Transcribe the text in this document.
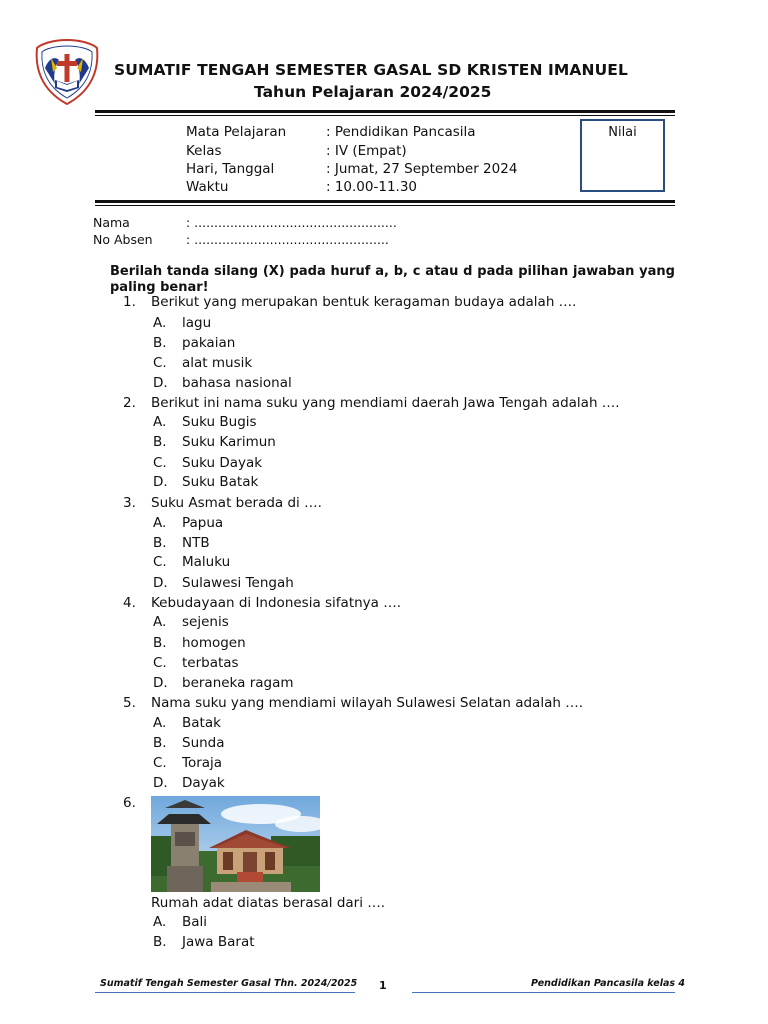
SUMATIF TENGAH SEMESTER GASAL SD KRISTEN IMANUEL
Tahun Pelajaran 2024/2025
Mata Pelajaran	: Pendidikan Pancasila
Kelas	: IV (Empat)
Hari, Tanggal	: Jumat, 27 September 2024
Waktu	: 10.00-11.30
Nilai
Nama	: ...................................................
No Absen	: .................................................
Berilah tanda silang (X) pada huruf a, b, c atau d pada pilihan jawaban yang paling benar!
1. Berikut yang merupakan bentuk keragaman budaya adalah ….
A. lagu
B. pakaian
C. alat musik
D. bahasa nasional
2. Berikut ini nama suku yang mendiami daerah Jawa Tengah adalah ….
A. Suku Bugis
B. Suku Karimun
C. Suku Dayak
D. Suku Batak
3. Suku Asmat berada di ….
A. Papua
B. NTB
C. Maluku
D. Sulawesi Tengah
4. Kebudayaan di Indonesia sifatnya ….
A. sejenis
B. homogen
C. terbatas
D. beraneka ragam
5. Nama suku yang mendiami wilayah Sulawesi Selatan adalah ….
A. Batak
B. Sunda
C. Toraja
D. Dayak
6.
Rumah adat diatas berasal dari ….
A. Bali
B. Jawa Barat
Sumatif Tengah Semester Gasal Thn. 2024/2025 1	Pendidikan Pancasila kelas 4
